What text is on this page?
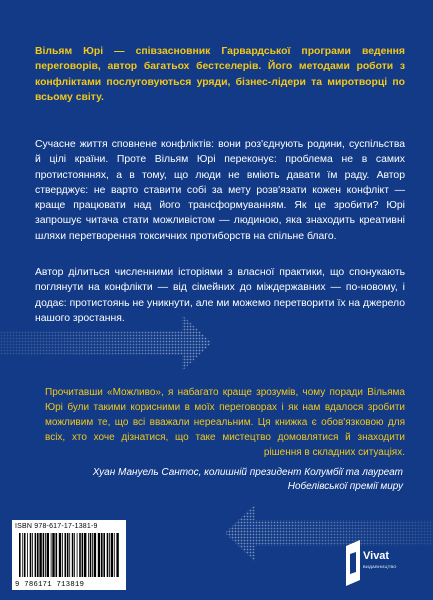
Вільям Юрі — співзасновник Гарвардської програми ведення переговорів, автор багатьох бестселерів. Його методами роботи з конфліктами послуговуються уряди, бізнес-лідери та миротворці по всьому світу.

Сучасне життя сповнене конфліктів: вони роз'єднують родини, суспільства й цілі країни. Проте Вільям Юрі переконує: проблема не в самих протистояннях, а в тому, що люди не вміють давати їм раду. Автор стверджує: не варто ставити собі за мету розв'язати кожен конфлікт — краще працювати над його трансформуванням. Як це зробити? Юрі запрошує читача стати можливістом — людиною, яка знаходить креативні шляхи перетворення токсичних протиборств на спільне благо.

Автор ділиться численними історіями з власної практики, що спонукають поглянути на конфлікти — від сімейних до міждержавних — по-новому, і додає: протистоянь не уникнути, але ми можемо перетворити їх на джерело нашого зростання.

Прочитавши «Можливо», я набагато краще зрозумів, чому поради Вільяма Юрі були такими корисними в моїх переговорах і як нам вдалося зробити можливим те, що всі вважали нереальним. Ця книжка є обов'язковою для всіх, хто хоче дізнатися, що таке мистецтво домовлятися й знаходити рішення в складних ситуаціях.

Хуан Мануель Сантос, колишній президент Колумбії та лауреат Нобелівської премії миру

ISBN 978-617-17-1381-9
9 786171 713819
Vivat
ВИДАВНИЦТВО
